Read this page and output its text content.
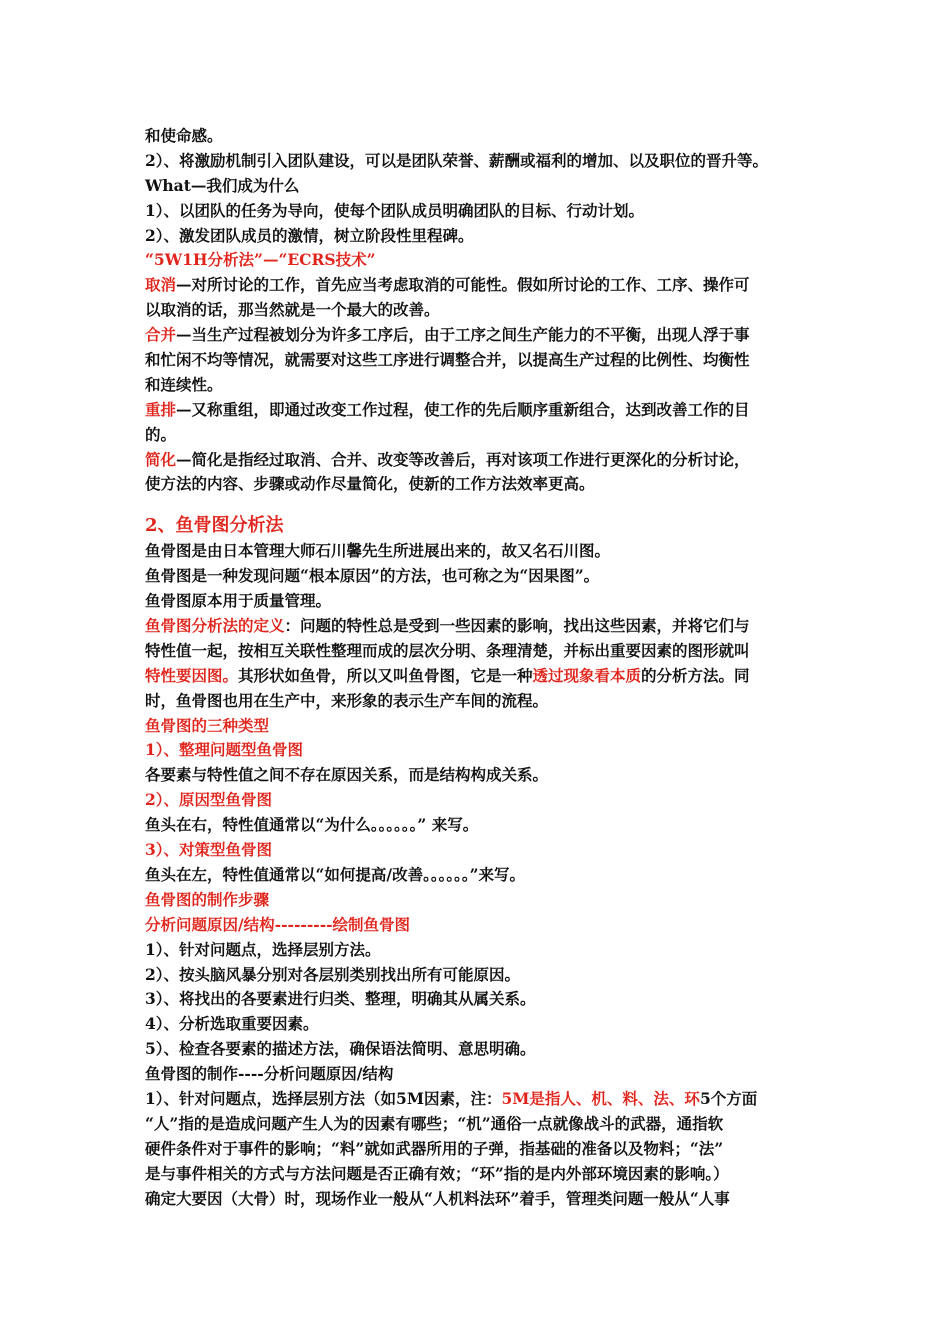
和使命感。
2）、将激励机制引入团队建设，可以是团队荣誉、薪酬或福利的增加、以及职位的晋升等。
What—我们成为什么
1）、以团队的任务为导向，使每个团队成员明确团队的目标、行动计划。
2）、激发团队成员的激情，树立阶段性里程碑。
“5W1H分析法”—“ECRS技术”
取消—对所讨论的工作，首先应当考虑取消的可能性。假如所讨论的工作、工序、操作可
以取消的话，那当然就是一个最大的改善。
合并—当生产过程被划分为许多工序后，由于工序之间生产能力的不平衡，出现人浮于事
和忙闲不均等情况，就需要对这些工序进行调整合并，以提高生产过程的比例性、均衡性
和连续性。
重排—又称重组，即通过改变工作过程，使工作的先后顺序重新组合，达到改善工作的目
的。
简化—简化是指经过取消、合并、改变等改善后，再对该项工作进行更深化的分析讨论，
使方法的内容、步骤或动作尽量简化，使新的工作方法效率更高。
2、鱼骨图分析法
鱼骨图是由日本管理大师石川馨先生所进展出来的，故又名石川图。
鱼骨图是一种发现问题“根本原因”的方法，也可称之为“因果图”。
鱼骨图原本用于质量管理。
鱼骨图分析法的定义：问题的特性总是受到一些因素的影响，找出这些因素，并将它们与
特性值一起，按相互关联性整理而成的层次分明、条理清楚，并标出重要因素的图形就叫
特性要因图。其形状如鱼骨，所以又叫鱼骨图，它是一种透过现象看本质的分析方法。同
时，鱼骨图也用在生产中，来形象的表示生产车间的流程。
鱼骨图的三种类型
1）、整理问题型鱼骨图
各要素与特性值之间不存在原因关系，而是结构构成关系。
2）、原因型鱼骨图
鱼头在右，特性值通常以“为什么。。。。。。” 来写。
3）、对策型鱼骨图
鱼头在左，特性值通常以“如何提高/改善。。。。。。”来写。
鱼骨图的制作步骤
分析问题原因/结构---------绘制鱼骨图
1）、针对问题点，选择层别方法。
2）、按头脑风暴分别对各层别类别找出所有可能原因。
3）、将找出的各要素进行归类、整理，明确其从属关系。
4）、分析选取重要因素。
5）、检查各要素的描述方法，确保语法简明、意思明确。
鱼骨图的制作----分析问题原因/结构
1）、针对问题点，选择层别方法（如5M因素，注：5M是指人、机、料、法、环5个方面
“人”指的是造成问题产生人为的因素有哪些；“机”通俗一点就像战斗的武器，通指软
硬件条件对于事件的影响；“料”就如武器所用的子弹，指基础的准备以及物料；“法”
是与事件相关的方式与方法问题是否正确有效；“环”指的是内外部环境因素的影响。）
确定大要因（大骨）时，现场作业一般从“人机料法环”着手，管理类问题一般从“人事
